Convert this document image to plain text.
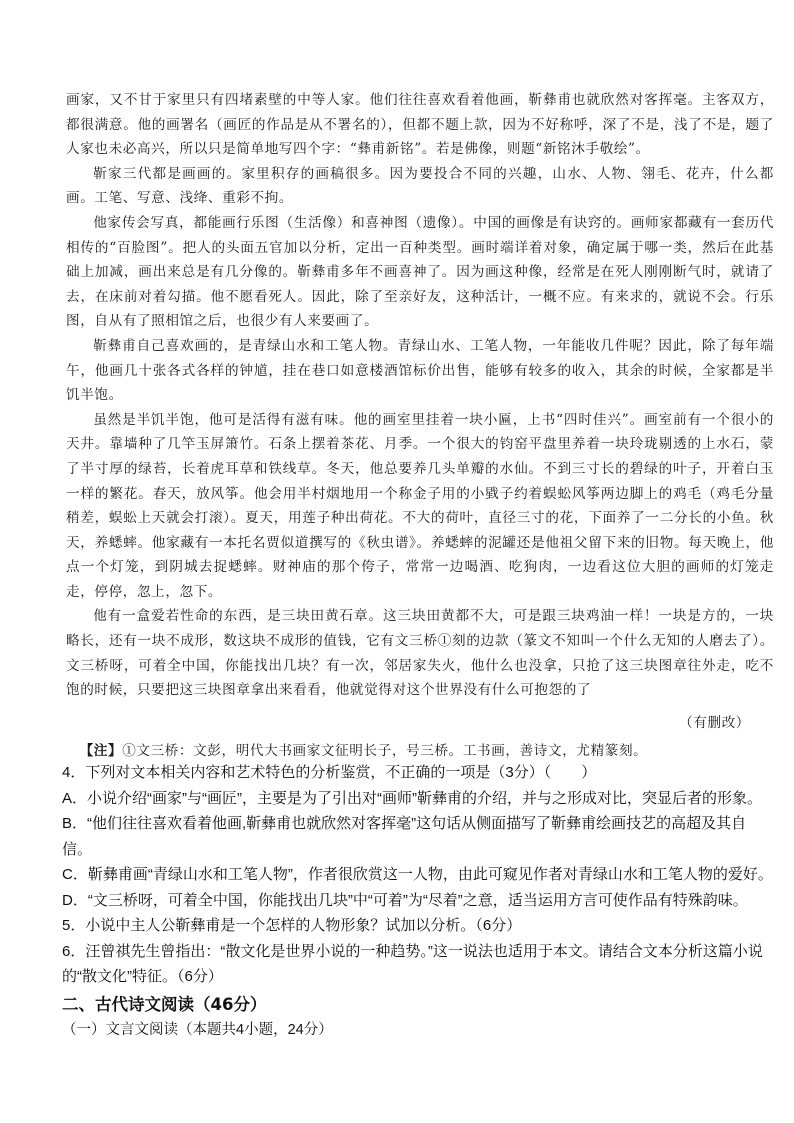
画家，又不甘于家里只有四堵素壁的中等人家。他们往往喜欢看着他画，靳彝甫也就欣然对客挥毫。主客双方，都很满意。他的画署名（画匠的作品是从不署名的），但都不题上款，因为不好称呼，深了不是，浅了不是，题了人家也未必高兴，所以只是简单地写四个字：“彝甫新铭”。若是佛像，则题“新铭沐手敬绘”。

靳家三代都是画画的。家里积存的画稿很多。因为要投合不同的兴趣，山水、人物、翎毛、花卉，什么都画。工笔、写意、浅绛、重彩不拘。

他家传会写真，都能画行乐图（生活像）和喜神图（遗像）。中国的画像是有诀窍的。画师家都藏有一套历代相传的“百脸图”。把人的头面五官加以分析，定出一百种类型。画时端详着对象，确定属于哪一类，然后在此基础上加减，画出来总是有几分像的。靳彝甫多年不画喜神了。因为画这种像，经常是在死人刚刚断气时，就请了去，在床前对着勾描。他不愿看死人。因此，除了至亲好友，这种活计，一概不应。有来求的，就说不会。行乐图，自从有了照相馆之后，也很少有人来要画了。

靳彝甫自己喜欢画的，是青绿山水和工笔人物。青绿山水、工笔人物，一年能收几件呢？因此，除了每年端午，他画几十张各式各样的钟馗，挂在巷口如意楼酒馆标价出售，能够有较多的收入，其余的时候，全家都是半饥半饱。

虽然是半饥半饱，他可是活得有滋有味。他的画室里挂着一块小匾，上书“四时佳兴”。画室前有一个很小的天井。靠墙种了几竿玉屏箫竹。石条上摆着茶花、月季。一个很大的钧窑平盘里养着一块玲珑剔透的上水石，蒙了半寸厚的绿苔，长着虎耳草和铁线草。冬天，他总要养几头单瓣的水仙。不到三寸长的碧绿的叶子，开着白玉一样的繁花。春天，放风筝。他会用半村烟地用一个称金子用的小戥子约着蜈蚣风筝两边脚上的鸡毛（鸡毛分量稍差，蜈蚣上天就会打滚）。夏天，用莲子种出荷花。不大的荷叶，直径三寸的花，下面养了一二分长的小鱼。秋天，养蟋蟀。他家藏有一本托名贾似道撰写的《秋虫谱》。养蟋蟀的泥罐还是他祖父留下来的旧物。每天晚上，他点一个灯笼，到阴城去捉蟋蟀。财神庙的那个侉子，常常一边喝酒、吃狗肉，一边看这位大胆的画师的灯笼走走，停停，忽上，忽下。

他有一盒爱若性命的东西，是三块田黄石章。这三块田黄都不大，可是跟三块鸡油一样！一块是方的，一块略长，还有一块不成形，数这块不成形的值钱，它有文三桥①刻的边款（篆文不知叫一个什么无知的人磨去了）。文三桥呀，可着全中国，你能找出几块？有一次，邻居家失火，他什么也没拿，只抢了这三块图章往外走，吃不饱的时候，只要把这三块图章拿出来看看，他就觉得对这个世界没有什么可抱怨的了

（有删改）

【注】①文三桥：文彭，明代大书画家文征明长子，号三桥。工书画，善诗文，尤精篆刻。

4．下列对文本相关内容和艺术特色的分析鉴赏，不正确的一项是（3分）（　　）

A．小说介绍“画家”与“画匠”，主要是为了引出对“画师”靳彝甫的介绍，并与之形成对比，突显后者的形象。

B．“他们往往喜欢看着他画,靳彝甫也就欣然对客挥毫”这句话从侧面描写了靳彝甫绘画技艺的高超及其自信。

C．靳彝甫画“青绿山水和工笔人物”，作者很欣赏这一人物，由此可窥见作者对青绿山水和工笔人物的爱好。

D．“文三桥呀，可着全中国，你能找出几块”中“可着”为“尽着”之意，适当运用方言可使作品有特殊韵味。

5．小说中主人公靳彝甫是一个怎样的人物形象？试加以分析。（6分）

6．汪曾祺先生曾指出：“散文化是世界小说的一种趋势。”这一说法也适用于本文。请结合文本分析这篇小说的“散文化”特征。（6分）

二、古代诗文阅读（46分）

（一）文言文阅读（本题共4小题，24分）
